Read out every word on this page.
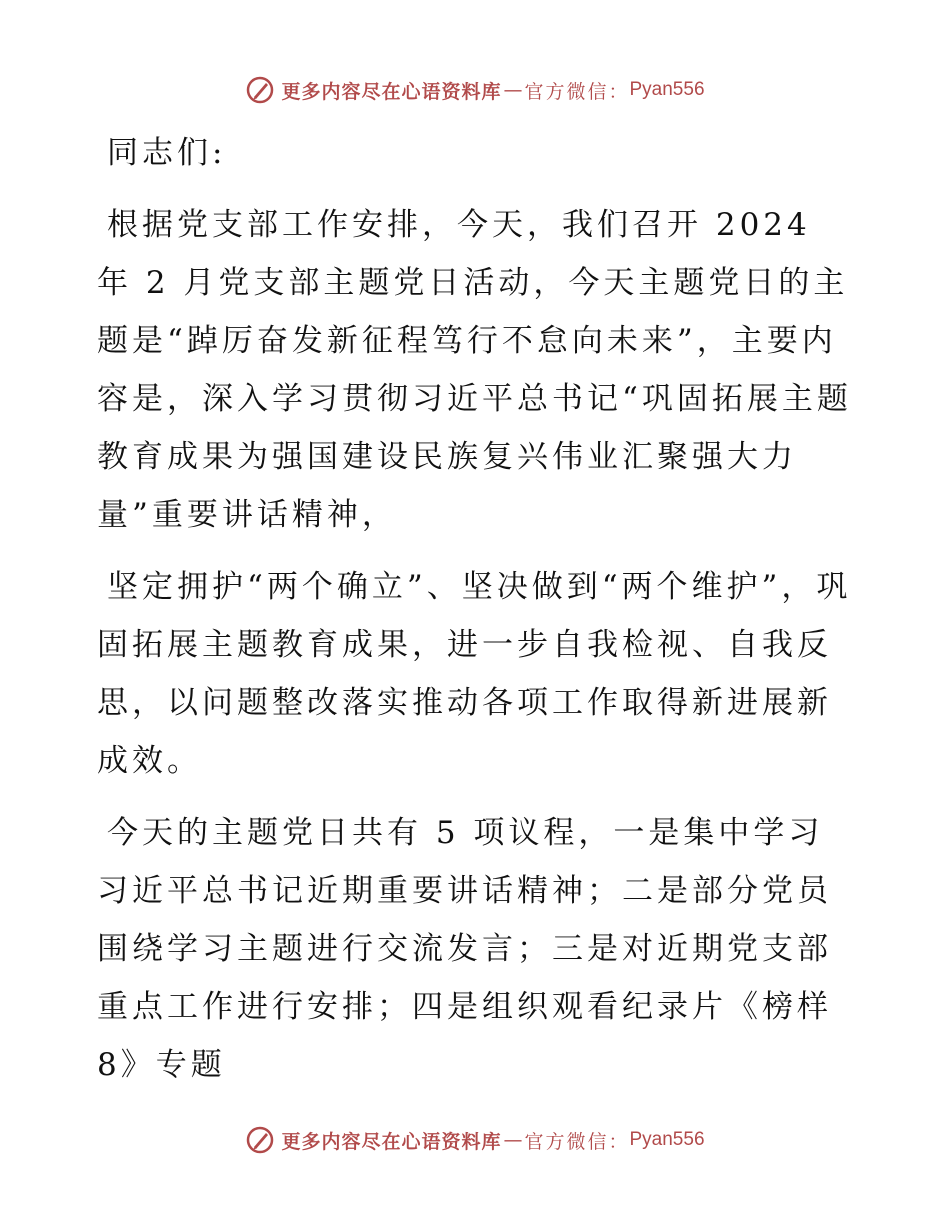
更多内容尽在心语资料库 — 官方微信： Pyan556

同志们:

根据党支部工作安排，今天，我们召开 2024 年 2 月党支部主题党日活动，今天主题党日的主题是“踔厉奋发新征程笃行不怠向未来”，主要内容是，深入学习贯彻习近平总书记“巩固拓展主题教育成果为强国建设民族复兴伟业汇聚强大力量”重要讲话精神，

坚定拥护“两个确立”、坚决做到“两个维护”，巩固拓展主题教育成果，进一步自我检视、自我反思，以问题整改落实推动各项工作取得新进展新成效。

今天的主题党日共有 5 项议程，一是集中学习习近平总书记近期重要讲话精神；二是部分党员围绕学习主题进行交流发言；三是对近期党支部重点工作进行安排；四是组织观看纪录片《榜样 8》专题

更多内容尽在心语资料库 — 官方微信： Pyan556
